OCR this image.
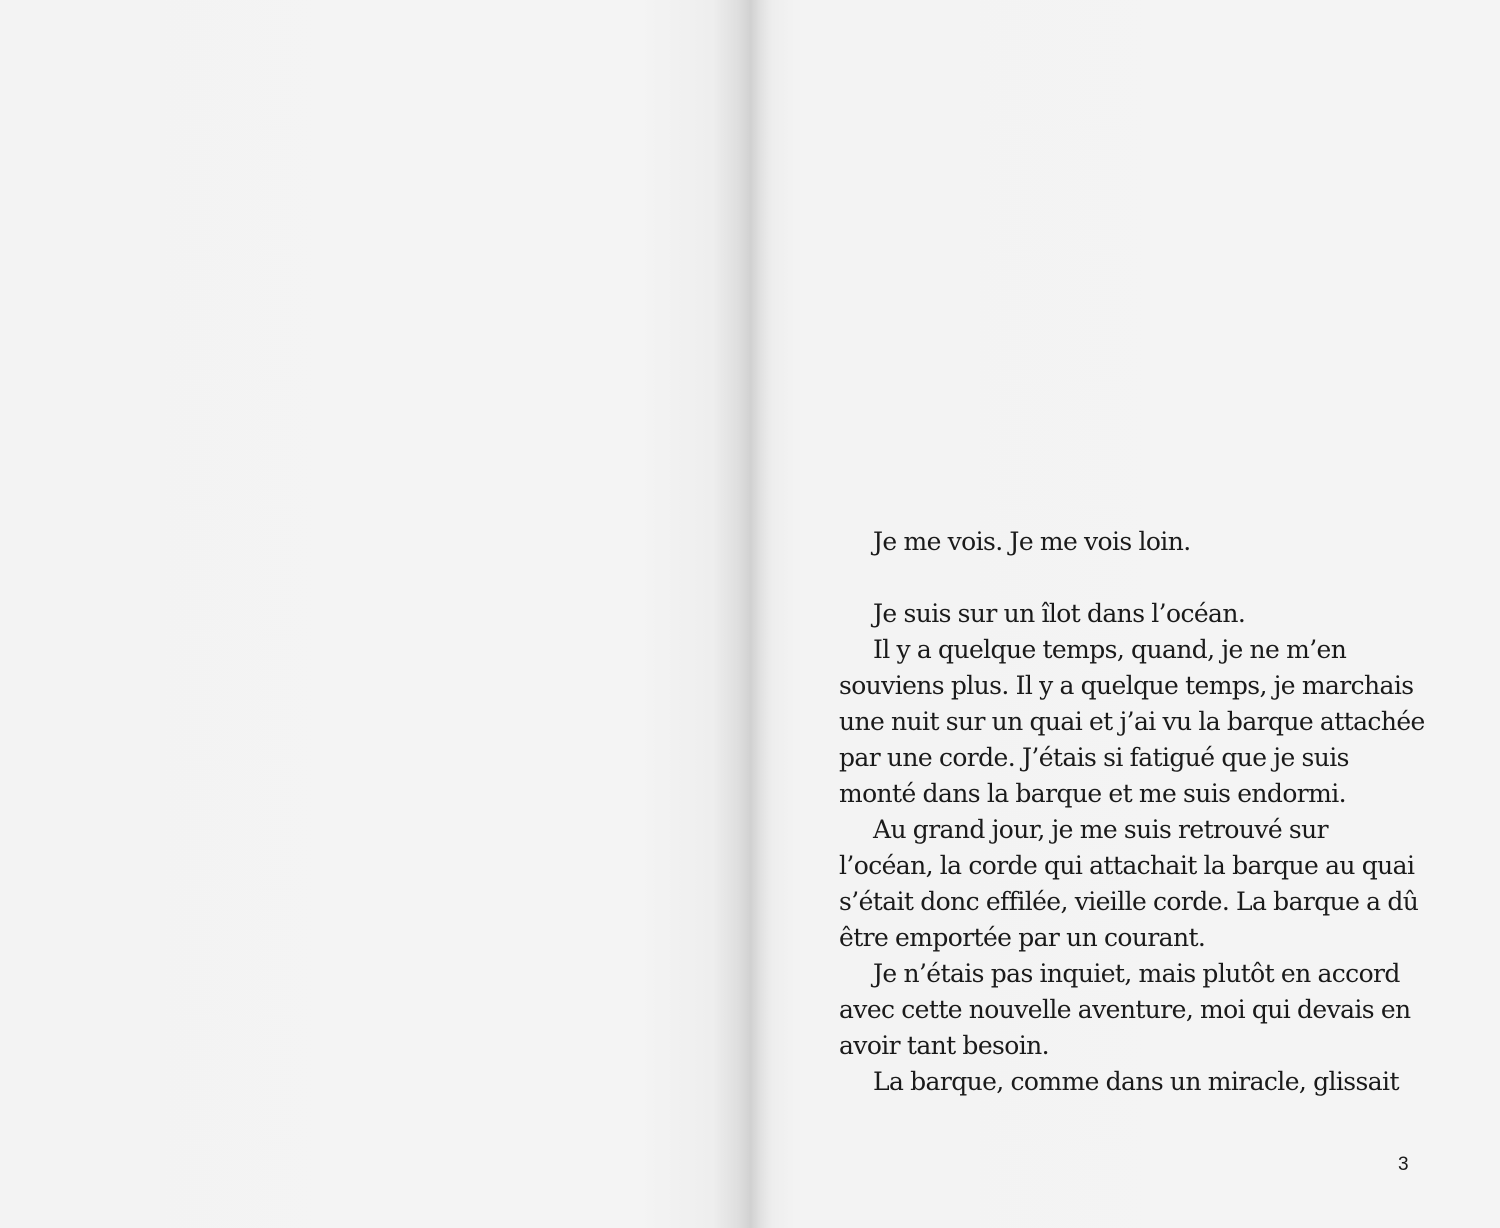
Je me vois. Je me vois loin.
Je suis sur un îlot dans l’océan.
Il y a quelque temps, quand, je ne m’en
souviens plus. Il y a quelque temps, je marchais
une nuit sur un quai et j’ai vu la barque attachée
par une corde. J’étais si fatigué que je suis
monté dans la barque et me suis endormi.
Au grand jour, je me suis retrouvé sur
l’océan, la corde qui attachait la barque au quai
s’était donc effilée, vieille corde. La barque a dû
être emportée par un courant.
Je n’étais pas inquiet, mais plutôt en accord
avec cette nouvelle aventure, moi qui devais en
avoir tant besoin.
La barque, comme dans un miracle, glissait
3
